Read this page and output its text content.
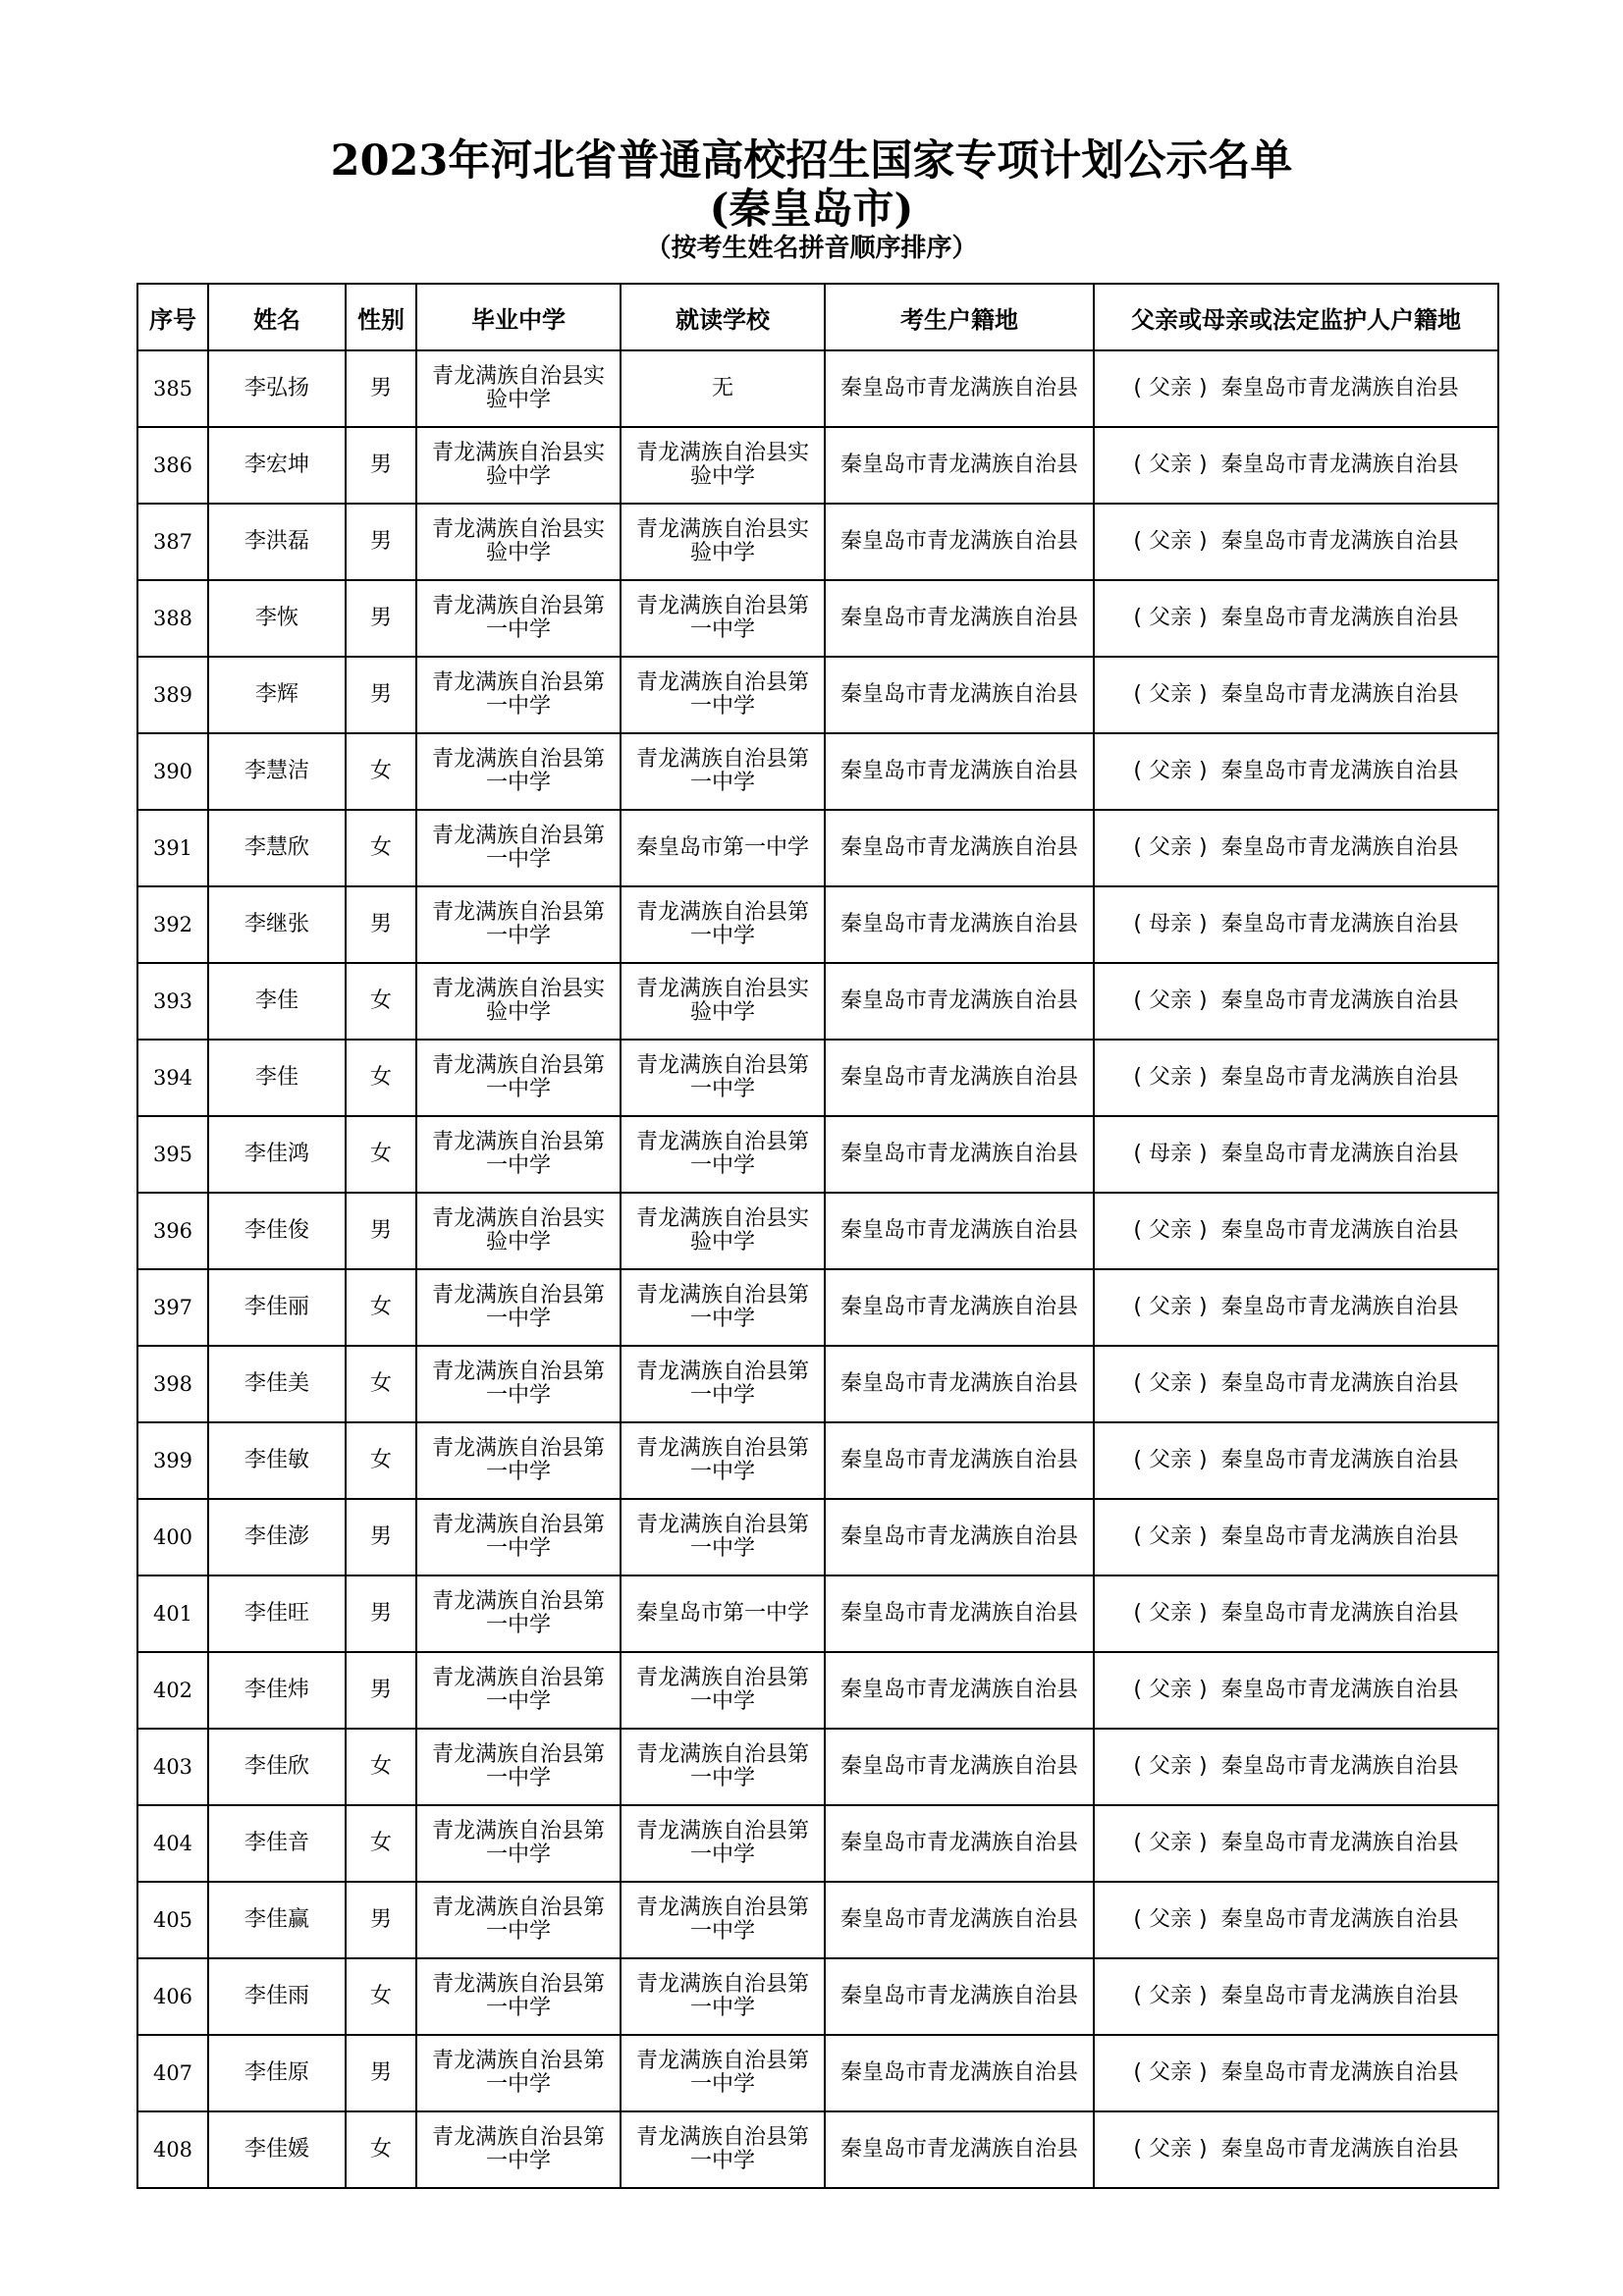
2023年河北省普通高校招生国家专项计划公示名单
(秦皇岛市)
（按考生姓名拼音顺序排序）
序号	姓名	性别	毕业中学	就读学校	考生户籍地	父亲或母亲或法定监护人户籍地
385	李弘扬	男	青龙满族自治县实验中学	无	秦皇岛市青龙满族自治县	( 父亲 ) 秦皇岛市青龙满族自治县
386	李宏坤	男	青龙满族自治县实验中学	青龙满族自治县实验中学	秦皇岛市青龙满族自治县	( 父亲 ) 秦皇岛市青龙满族自治县
387	李洪磊	男	青龙满族自治县实验中学	青龙满族自治县实验中学	秦皇岛市青龙满族自治县	( 父亲 ) 秦皇岛市青龙满族自治县
388	李恢	男	青龙满族自治县第一中学	青龙满族自治县第一中学	秦皇岛市青龙满族自治县	( 父亲 ) 秦皇岛市青龙满族自治县
389	李辉	男	青龙满族自治县第一中学	青龙满族自治县第一中学	秦皇岛市青龙满族自治县	( 父亲 ) 秦皇岛市青龙满族自治县
390	李慧洁	女	青龙满族自治县第一中学	青龙满族自治县第一中学	秦皇岛市青龙满族自治县	( 父亲 ) 秦皇岛市青龙满族自治县
391	李慧欣	女	青龙满族自治县第一中学	秦皇岛市第一中学	秦皇岛市青龙满族自治县	( 父亲 ) 秦皇岛市青龙满族自治县
392	李继张	男	青龙满族自治县第一中学	青龙满族自治县第一中学	秦皇岛市青龙满族自治县	( 母亲 ) 秦皇岛市青龙满族自治县
393	李佳	女	青龙满族自治县实验中学	青龙满族自治县实验中学	秦皇岛市青龙满族自治县	( 父亲 ) 秦皇岛市青龙满族自治县
394	李佳	女	青龙满族自治县第一中学	青龙满族自治县第一中学	秦皇岛市青龙满族自治县	( 父亲 ) 秦皇岛市青龙满族自治县
395	李佳鸿	女	青龙满族自治县第一中学	青龙满族自治县第一中学	秦皇岛市青龙满族自治县	( 母亲 ) 秦皇岛市青龙满族自治县
396	李佳俊	男	青龙满族自治县实验中学	青龙满族自治县实验中学	秦皇岛市青龙满族自治县	( 父亲 ) 秦皇岛市青龙满族自治县
397	李佳丽	女	青龙满族自治县第一中学	青龙满族自治县第一中学	秦皇岛市青龙满族自治县	( 父亲 ) 秦皇岛市青龙满族自治县
398	李佳美	女	青龙满族自治县第一中学	青龙满族自治县第一中学	秦皇岛市青龙满族自治县	( 父亲 ) 秦皇岛市青龙满族自治县
399	李佳敏	女	青龙满族自治县第一中学	青龙满族自治县第一中学	秦皇岛市青龙满族自治县	( 父亲 ) 秦皇岛市青龙满族自治县
400	李佳澎	男	青龙满族自治县第一中学	青龙满族自治县第一中学	秦皇岛市青龙满族自治县	( 父亲 ) 秦皇岛市青龙满族自治县
401	李佳旺	男	青龙满族自治县第一中学	秦皇岛市第一中学	秦皇岛市青龙满族自治县	( 父亲 ) 秦皇岛市青龙满族自治县
402	李佳炜	男	青龙满族自治县第一中学	青龙满族自治县第一中学	秦皇岛市青龙满族自治县	( 父亲 ) 秦皇岛市青龙满族自治县
403	李佳欣	女	青龙满族自治县第一中学	青龙满族自治县第一中学	秦皇岛市青龙满族自治县	( 父亲 ) 秦皇岛市青龙满族自治县
404	李佳音	女	青龙满族自治县第一中学	青龙满族自治县第一中学	秦皇岛市青龙满族自治县	( 父亲 ) 秦皇岛市青龙满族自治县
405	李佳赢	男	青龙满族自治县第一中学	青龙满族自治县第一中学	秦皇岛市青龙满族自治县	( 父亲 ) 秦皇岛市青龙满族自治县
406	李佳雨	女	青龙满族自治县第一中学	青龙满族自治县第一中学	秦皇岛市青龙满族自治县	( 父亲 ) 秦皇岛市青龙满族自治县
407	李佳原	男	青龙满族自治县第一中学	青龙满族自治县第一中学	秦皇岛市青龙满族自治县	( 父亲 ) 秦皇岛市青龙满族自治县
408	李佳媛	女	青龙满族自治县第一中学	青龙满族自治县第一中学	秦皇岛市青龙满族自治县	( 父亲 ) 秦皇岛市青龙满族自治县
